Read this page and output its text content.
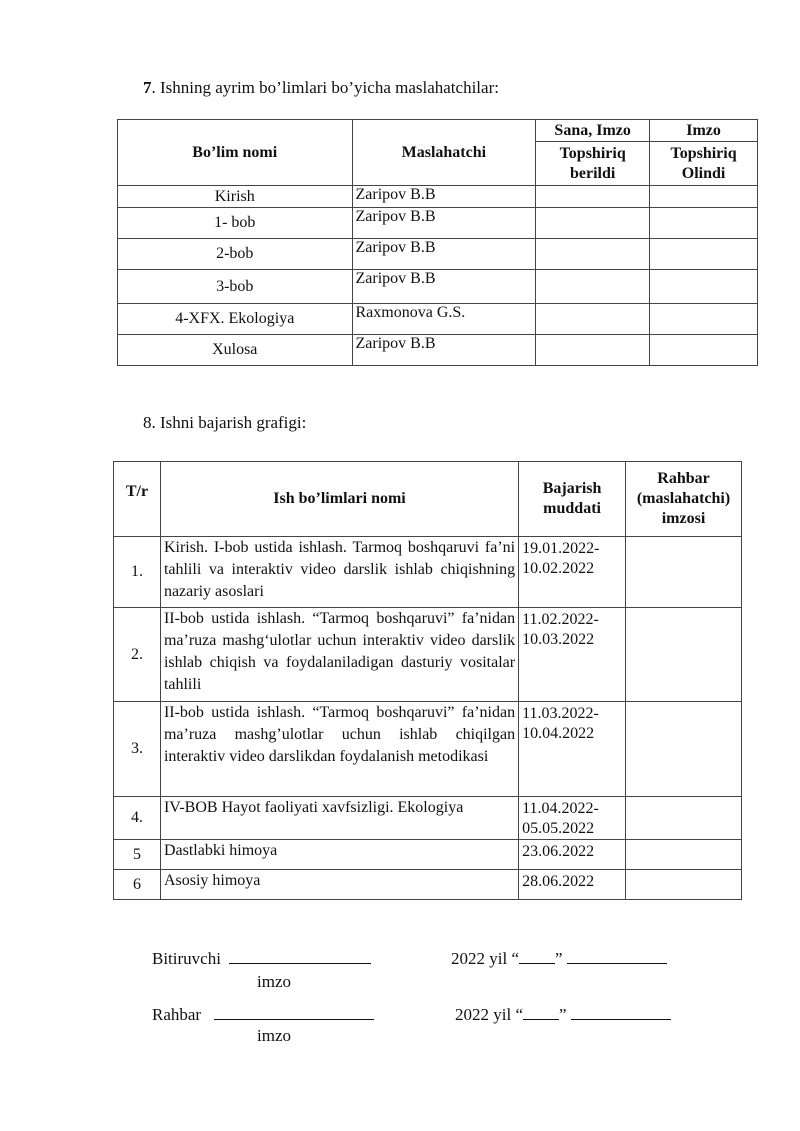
7. Ishning ayrim bo’limlari bo’yicha maslahatchilar:
Bo’lim nomi	Maslahatchi	Sana, Imzo	Imzo
		Topshiriq berildi	Topshiriq Olindi
Kirish	Zaripov B.B		
1- bob	Zaripov B.B		
2-bob	Zaripov B.B		
3-bob	Zaripov B.B		
4-XFX. Ekologiya	Raxmonova G.S.		
Xulosa	Zaripov B.B		
8. Ishni bajarish grafigi:
T/r	Ish bo’limlari nomi	Bajarish muddati	Rahbar (maslahatchi) imzosi
1.	Kirish. I-bob ustida ishlash. Tarmoq boshqaruvi fa’ni tahlili va interaktiv video darslik ishlab chiqishning nazariy asoslari	19.01.2022-10.02.2022	
2.	II-bob ustida ishlash. “Tarmoq boshqaruvi” fa’nidan ma’ruza mashg‘ulotlar uchun interaktiv video darslik ishlab chiqish va foydalaniladigan dasturiy vositalar tahlili	11.02.2022-10.03.2022	
3.	II-bob ustida ishlash. “Tarmoq boshqaruvi” fa’nidan ma’ruza mashg’ulotlar uchun ishlab chiqilgan interaktiv video darslikdan foydalanish metodikasi	11.03.2022-10.04.2022	
4.	IV-BOB Hayot faoliyati xavfsizligi. Ekologiya	11.04.2022-05.05.2022	
5	Dastlabki himoya	23.06.2022	
6	Asosiy himoya	28.06.2022	
Bitiruvchi	2022 yil “ ”
imzo
Rahbar	2022 yil “ ”
imzo
